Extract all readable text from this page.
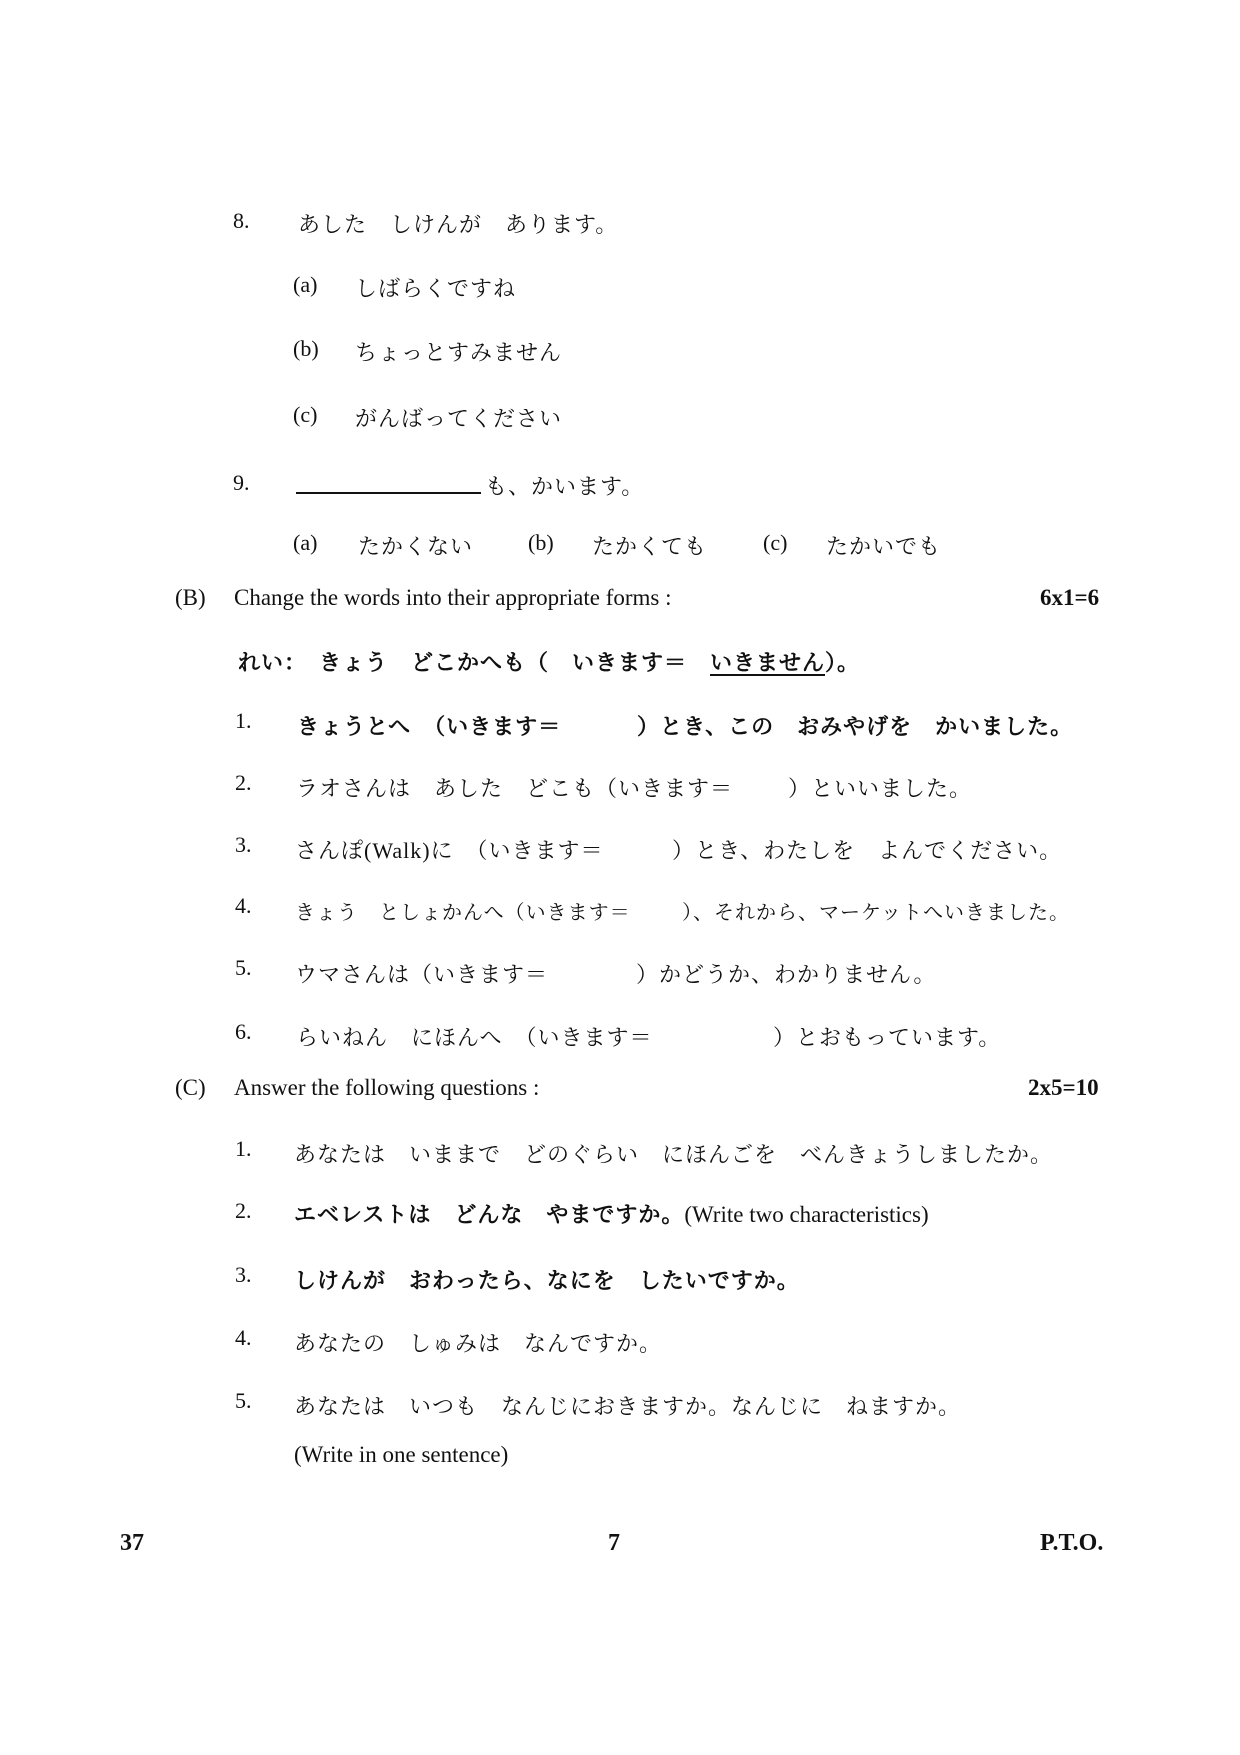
8. あした　しけんが　あります。
(a) しばらくですね
(b) ちょっとすみません
(c) がんばってください
9.	も、かいます。
(a) たかくない (b) たかくても	(c) たかいでも
(B) Change the words into their appropriate forms :	6x1=6
れい：　きょう　どこかへも（　いきます＝　いきません）。
1. きょうとへ　（いきます＝	）とき、この　おみやげを　かいました。
2. ラオさんは　あした　どこも（いきます＝ ）といいました。
3. さんぽ(Walk)に　（いきます＝	）とき、わたしを　よんでください。
4. きょう　としょかんへ（いきます＝	）、それから、マーケットへいきました。
5. ウマさんは（いきます＝	）かどうか、わかりません。
6. らいねん　にほんへ　（いきます＝	）とおもっています。
(C) Answer the following questions :	2x5=10
1. あなたは　いままで　どのぐらい　にほんごを　べんきょうしましたか。
2. エベレストは　どんな　やまですか。(Write two characteristics)
3. しけんが　おわったら、なにを　したいですか。
4. あなたの　しゅみは　なんですか。
5. あなたは　いつも　なんじにおきますか。なんじに　ねますか。
(Write in one sentence)
37	7	P.T.O.
